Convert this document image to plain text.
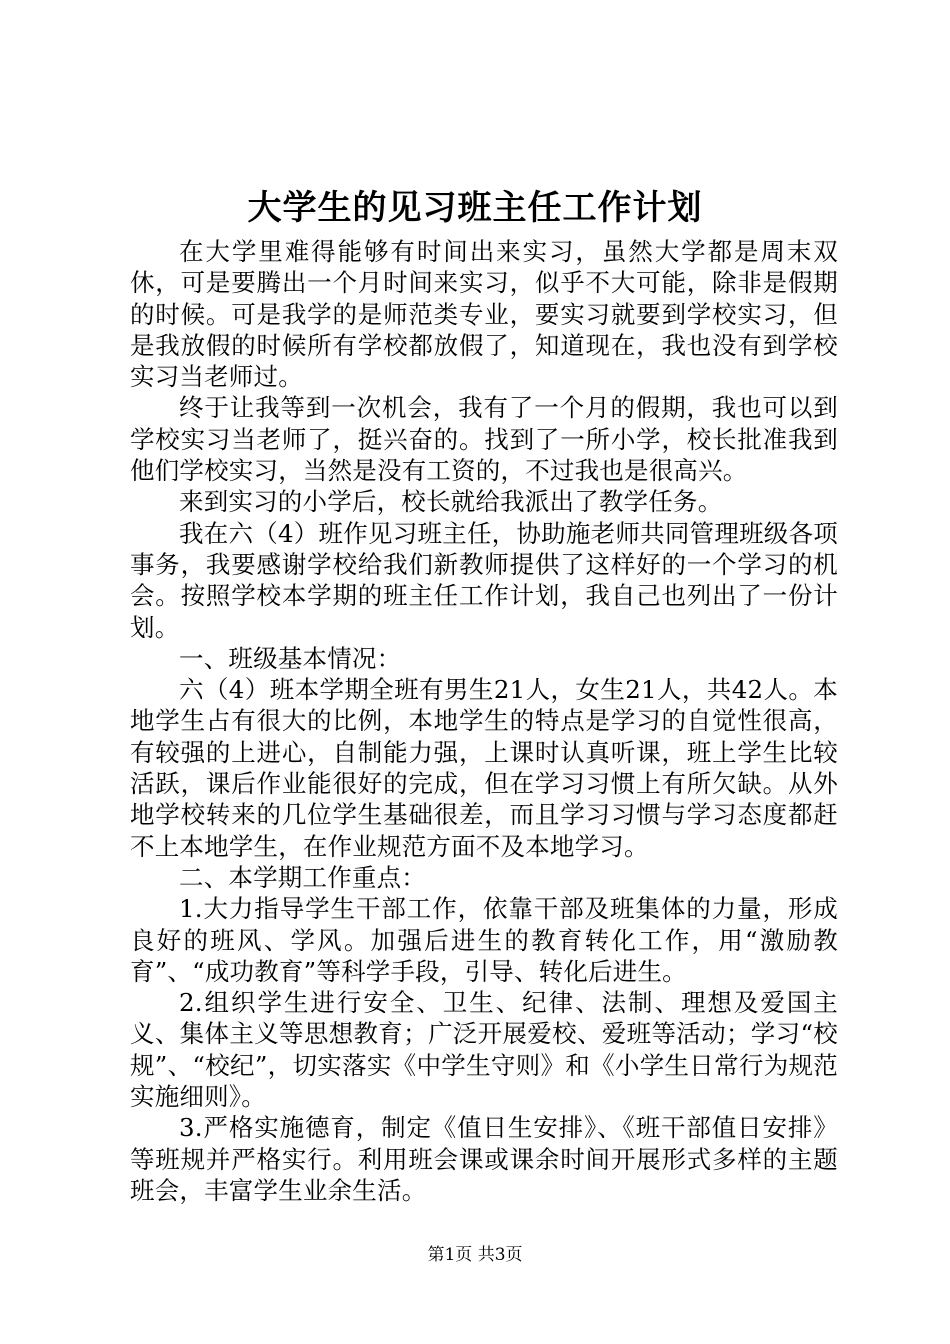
大学生的见习班主任工作计划

在大学里难得能够有时间出来实习，虽然大学都是周末双休，可是要腾出一个月时间来实习，似乎不大可能，除非是假期的时候。可是我学的是师范类专业，要实习就要到学校实习，但是我放假的时候所有学校都放假了，知道现在，我也没有到学校实习当老师过。

终于让我等到一次机会，我有了一个月的假期，我也可以到学校实习当老师了，挺兴奋的。找到了一所小学，校长批准我到他们学校实习，当然是没有工资的，不过我也是很高兴。

来到实习的小学后，校长就给我派出了教学任务。

我在六（4）班作见习班主任，协助施老师共同管理班级各项事务，我要感谢学校给我们新教师提供了这样好的一个学习的机会。按照学校本学期的班主任工作计划，我自己也列出了一份计划。

一、班级基本情况：

六（4）班本学期全班有男生21人，女生21人，共42人。本地学生占有很大的比例，本地学生的特点是学习的自觉性很高，有较强的上进心，自制能力强，上课时认真听课，班上学生比较活跃，课后作业能很好的完成，但在学习习惯上有所欠缺。从外地学校转来的几位学生基础很差，而且学习习惯与学习态度都赶不上本地学生，在作业规范方面不及本地学习。

二、本学期工作重点：

1.大力指导学生干部工作，依靠干部及班集体的力量，形成良好的班风、学风。加强后进生的教育转化工作，用“激励教育”、“成功教育”等科学手段，引导、转化后进生。

2.组织学生进行安全、卫生、纪律、法制、理想及爱国主义、集体主义等思想教育；广泛开展爱校、爱班等活动；学习“校规”、“校纪”，切实落实《中学生守则》和《小学生日常行为规范实施细则》。

3.严格实施德育，制定《值日生安排》、《班干部值日安排》等班规并严格实行。利用班会课或课余时间开展形式多样的主题班会，丰富学生业余生活。

第1页 共3页
